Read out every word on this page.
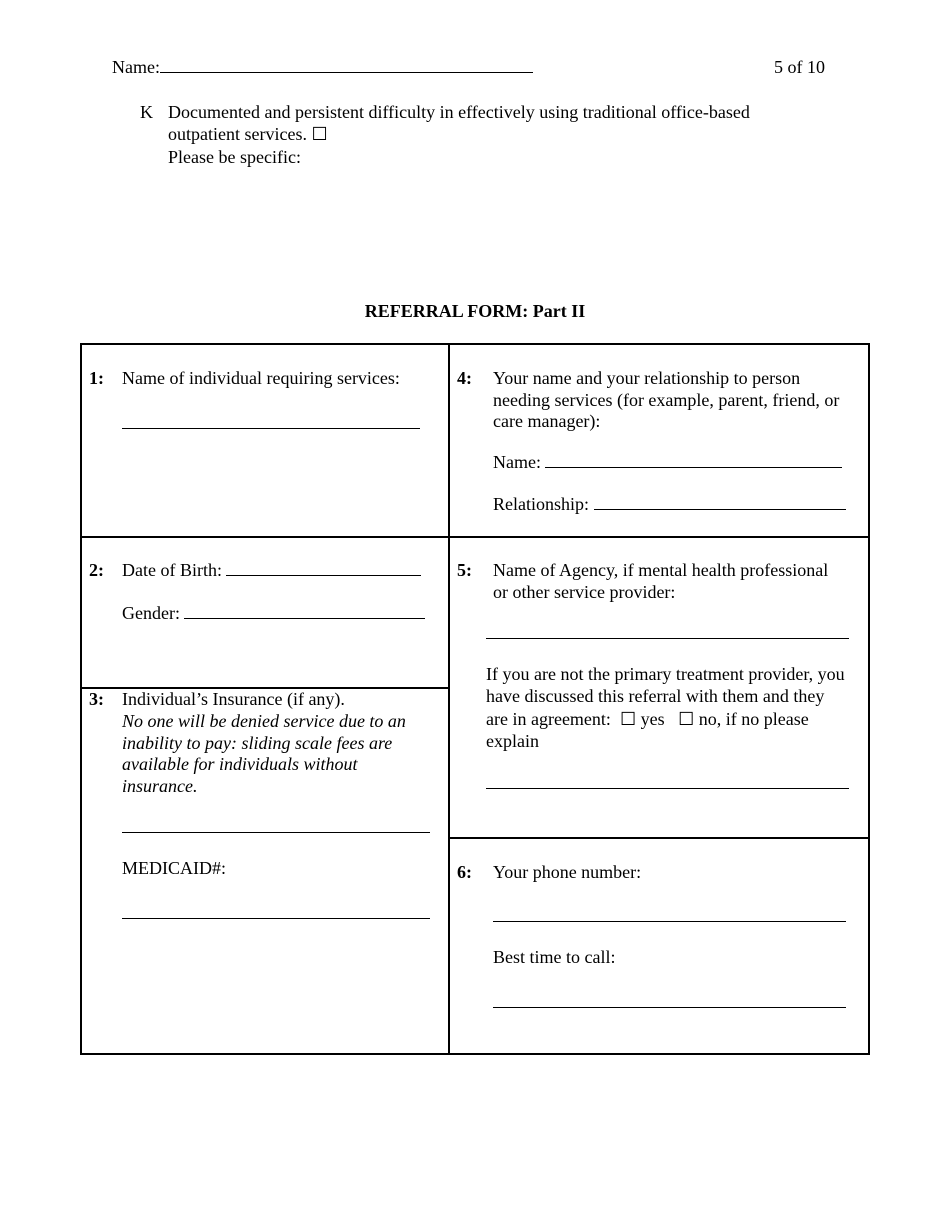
Name:	5 of 10
K Documented and persistent difficulty in effectively using traditional office-based
outpatient services. ☐
Please be specific:
REFERRAL FORM: Part II
1: Name of individual requiring services:
2: Date of Birth:
Gender:
3: Individual’s Insurance (if any).
No one will be denied service due to an
inability to pay: sliding scale fees are
available for individuals without
insurance.
MEDICAID#:
4: Your name and your relationship to person
needing services (for example, parent, friend, or
care manager):
Name:
Relationship:
5: Name of Agency, if mental health professional
or other service provider:
If you are not the primary treatment provider, you
have discussed this referral with them and they
are in agreement: ☐ yes ☐ no, if no please
explain
6: Your phone number:
Best time to call:
